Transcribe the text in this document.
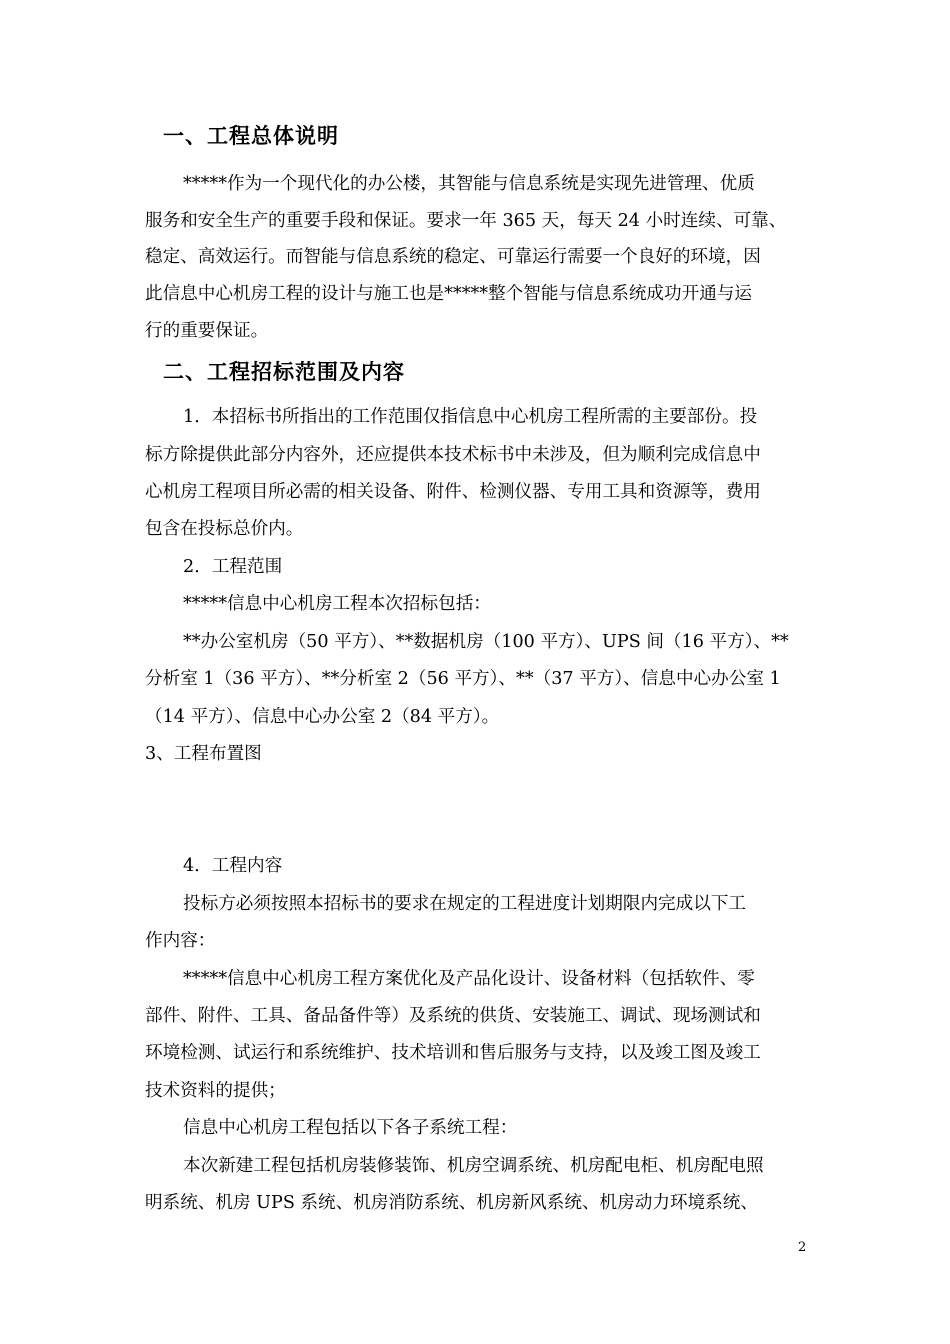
一、工程总体说明

*****作为一个现代化的办公楼，其智能与信息系统是实现先进管理、优质

服务和安全生产的重要手段和保证。要求一年 365 天，每天 24 小时连续、可靠、

稳定、高效运行。而智能与信息系统的稳定、可靠运行需要一个良好的环境，因

此信息中心机房工程的设计与施工也是*****整个智能与信息系统成功开通与运

行的重要保证。

二、工程招标范围及内容

1．本招标书所指出的工作范围仅指信息中心机房工程所需的主要部份。投

标方除提供此部分内容外，还应提供本技术标书中未涉及，但为顺利完成信息中

心机房工程项目所必需的相关设备、附件、检测仪器、专用工具和资源等，费用

包含在投标总价内。

2．工程范围

*****信息中心机房工程本次招标包括：

**办公室机房（50 平方）、**数据机房（100 平方）、UPS 间（16 平方）、**

分析室 1（36 平方）、**分析室 2（56 平方）、**（37 平方）、信息中心办公室 1

（14 平方）、信息中心办公室 2（84 平方）。

3、工程布置图

4．工程内容

投标方必须按照本招标书的要求在规定的工程进度计划期限内完成以下工

作内容：

*****信息中心机房工程方案优化及产品化设计、设备材料（包括软件、零

部件、附件、工具、备品备件等）及系统的供货、安装施工、调试、现场测试和

环境检测、试运行和系统维护、技术培训和售后服务与支持，以及竣工图及竣工

技术资料的提供；

信息中心机房工程包括以下各子系统工程：

本次新建工程包括机房装修装饰、机房空调系统、机房配电柜、机房配电照

明系统、机房 UPS 系统、机房消防系统、机房新风系统、机房动力环境系统、

2
